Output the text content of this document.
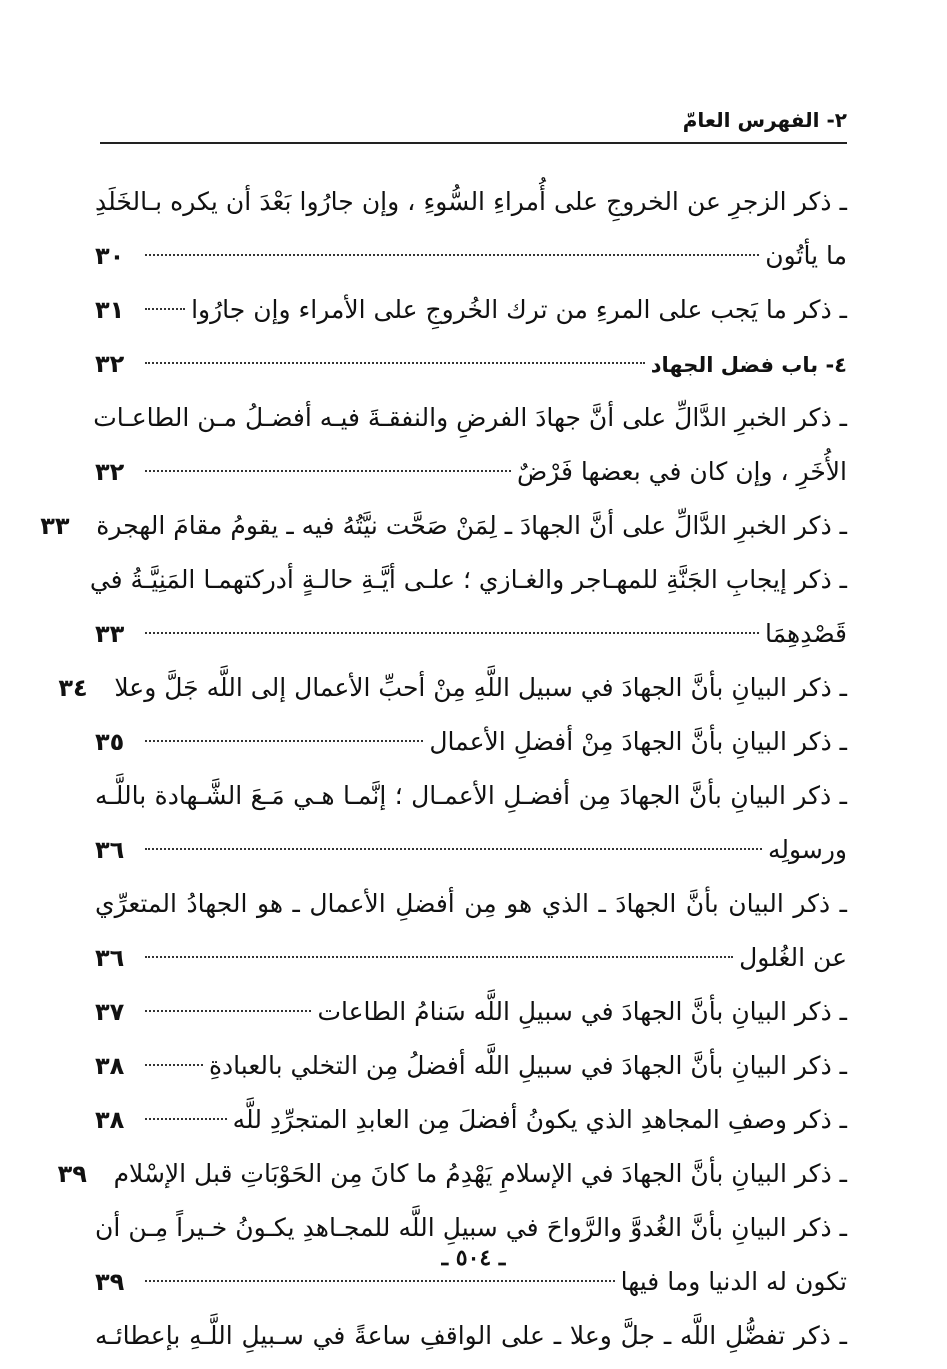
٢- الفهرس العامّ
ـ ذكر الزجرِ عن الخروجِ على أُمراءِ السُّوءِ ، وإن جارُوا بَعْدَ أن يكره بـالخَلَدِ
ما يأتُون
٣٠
ـ ذكر ما يَجب على المرءِ من ترك الخُروجِ على الأمراء وإن جارُوا
٣١
٤- باب فضل الجهاد
٣٢
ـ ذكر الخبرِ الدَّالِّ على أنَّ جهادَ الفرضِ والنفقـةَ فيـه أفضـلُ مـن الطاعـات
الأُخَرِ ، وإن كان في بعضها فَرْضٌ
٣٢
ـ ذكر الخبرِ الدَّالِّ على أنَّ الجهادَ ـ لِمَنْ صَحَّت نيَّتُهُ فيه ـ يقومُ مقامَ الهجرة
٣٣
ـ ذكر إيجابِ الجَنَّةِ للمهـاجر والغـازي ؛ علـى أيَّـةِ حالـةٍ أدركتهمـا المَنِيَّـةُ في
قَصْدِهِمَا
٣٣
ـ ذكر البيانِ بأنَّ الجهادَ في سبيل اللَّهِ مِنْ أحبِّ الأعمال إلى اللَّه جَلَّ وعلا
٣٤
ـ ذكر البيانِ بأنَّ الجهادَ مِنْ أفضلِ الأعمال
٣٥
ـ ذكر البيانِ بأنَّ الجهادَ مِن أفضـلِ الأعمـال ؛ إنَّمـا هـي مَـعَ الشَّـهادة باللَّـه
ورسولِه
٣٦
ـ ذكر البيان بأنَّ الجهادَ ـ الذي هو مِن أفضلِ الأعمال ـ هو الجهادُ المتعرِّي
عن الغُلول
٣٦
ـ ذكر البيانِ بأنَّ الجهادَ في سبيلِ اللَّه سَنامُ الطاعات
٣٧
ـ ذكر البيانِ بأنَّ الجهادَ في سبيلِ اللَّه أفضلُ مِن التخلي بالعبادةِ
٣٨
ـ ذكر وصفِ المجاهدِ الذي يكونُ أفضلَ مِن العابدِ المتجرِّدِ للَّه
٣٨
ـ ذكر البيانِ بأنَّ الجهادَ في الإسلامِ يَهْدِمُ ما كانَ مِن الحَوْبَاتِ قبل الإسْلام
٣٩
ـ ذكر البيانِ بأنَّ الغُدوَّ والرَّواحَ في سبيلِ اللَّه للمجـاهدِ يكـونُ خـيراً مِـن أن
تكون له الدنيا وما فيها
٣٩
ـ ذكر تفضُّلِ اللَّه ـ جلَّ وعلا ـ على الواقفِ ساعةً في سـبيلِ اللَّـهِ بإعطائـه
ـ ٥٠٤ ـ
